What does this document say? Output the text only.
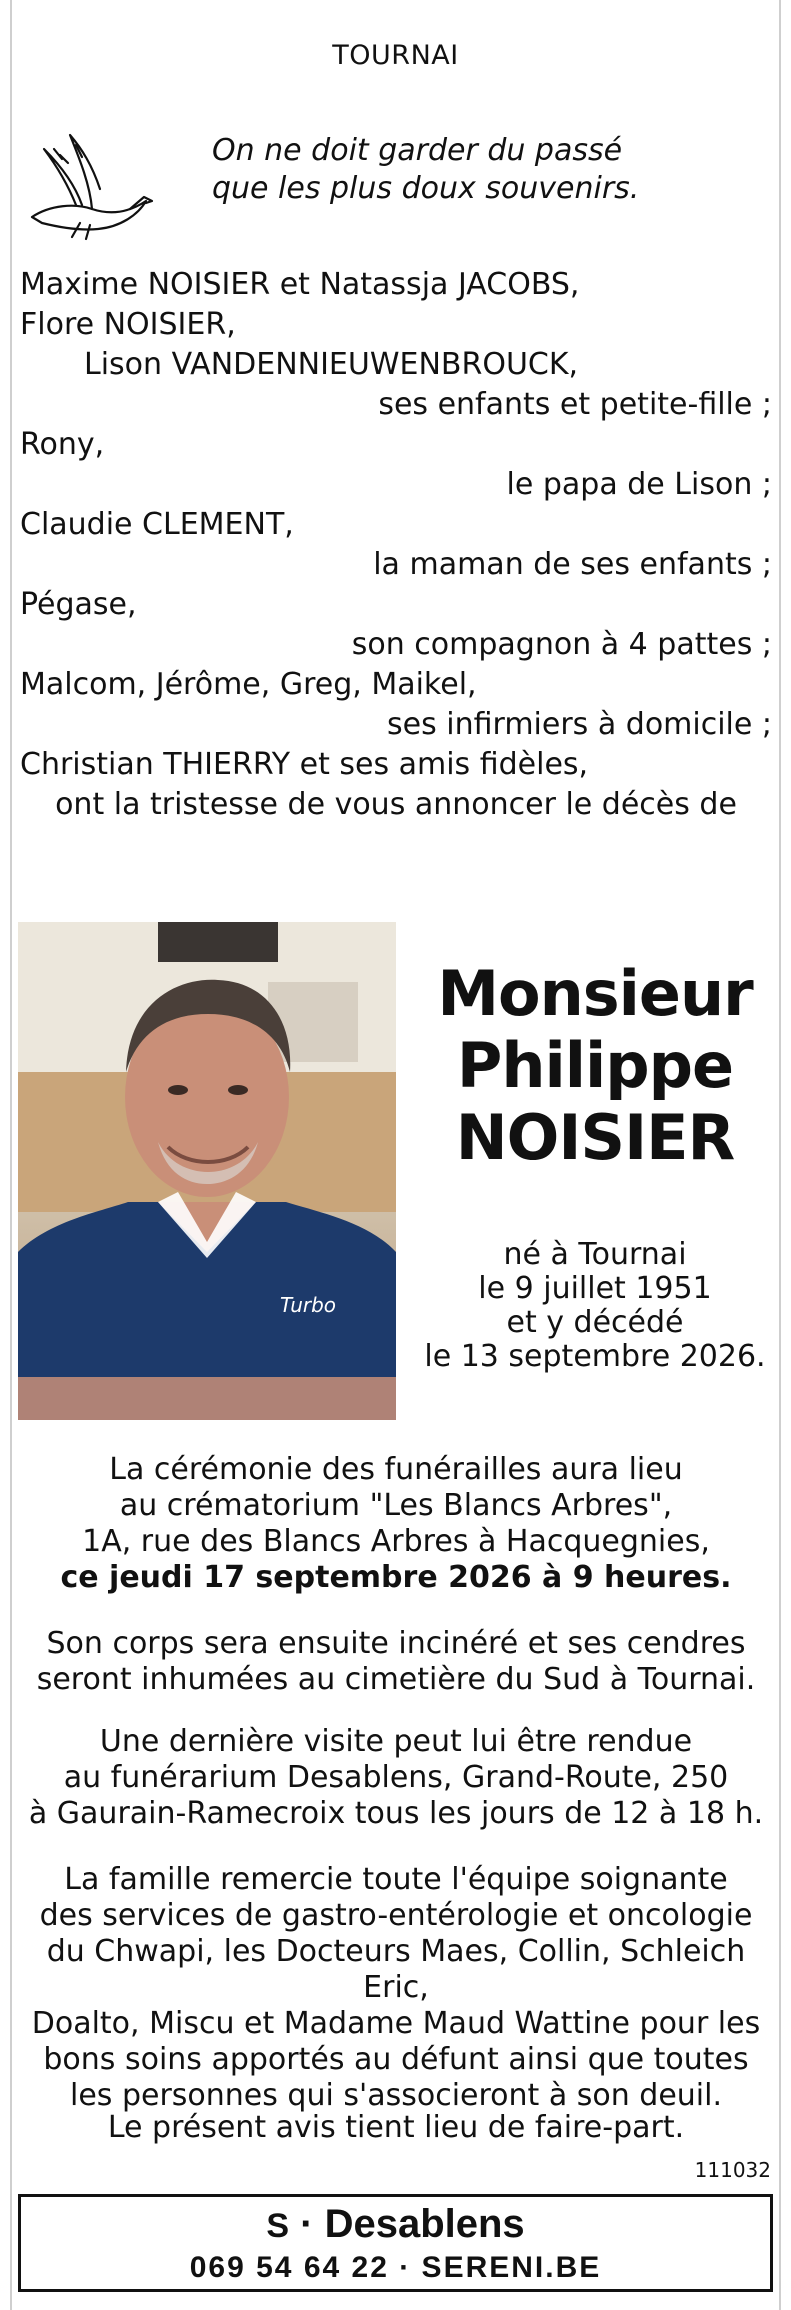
TOURNAI
On ne doit garder du passé
que les plus doux souvenirs.
Maxime NOISIER et Natassja JACOBS,
Flore NOISIER,
Lison VANDENNIEUWENBROUCK,
ses enfants et petite-fille ;
Rony,
le papa de Lison ;
Claudie CLEMENT,
la maman de ses enfants ;
Pégase,
son compagnon à 4 pattes ;
Malcom, Jérôme, Greg, Maikel,
ses infirmiers à domicile ;
Christian THIERRY et ses amis fidèles,
ont la tristesse de vous annoncer le décès de
Turbo
Monsieur
Philippe
NOISIER
né à Tournai
le 9 juillet 1951
et y décédé
le 13 septembre 2026.
La cérémonie des funérailles aura lieu
au crématorium "Les Blancs Arbres",
1A, rue des Blancs Arbres à Hacquegnies,
ce jeudi 17 septembre 2026 à 9 heures.
Son corps sera ensuite incinéré et ses cendres
seront inhumées au cimetière du Sud à Tournai.
Une dernière visite peut lui être rendue
au funérarium Desablens, Grand-Route, 250
à Gaurain-Ramecroix tous les jours de 12 à 18 h.
La famille remercie toute l'équipe soignante
des services de gastro-entérologie et oncologie
du Chwapi, les Docteurs Maes, Collin, Schleich Eric,
Doalto, Miscu et Madame Maud Wattine pour les
bons soins apportés au défunt ainsi que toutes
les personnes qui s'associeront à son deuil.
Le présent avis tient lieu de faire-part.
111032
S · Desablens
069 54 64 22 · SERENI.BE
